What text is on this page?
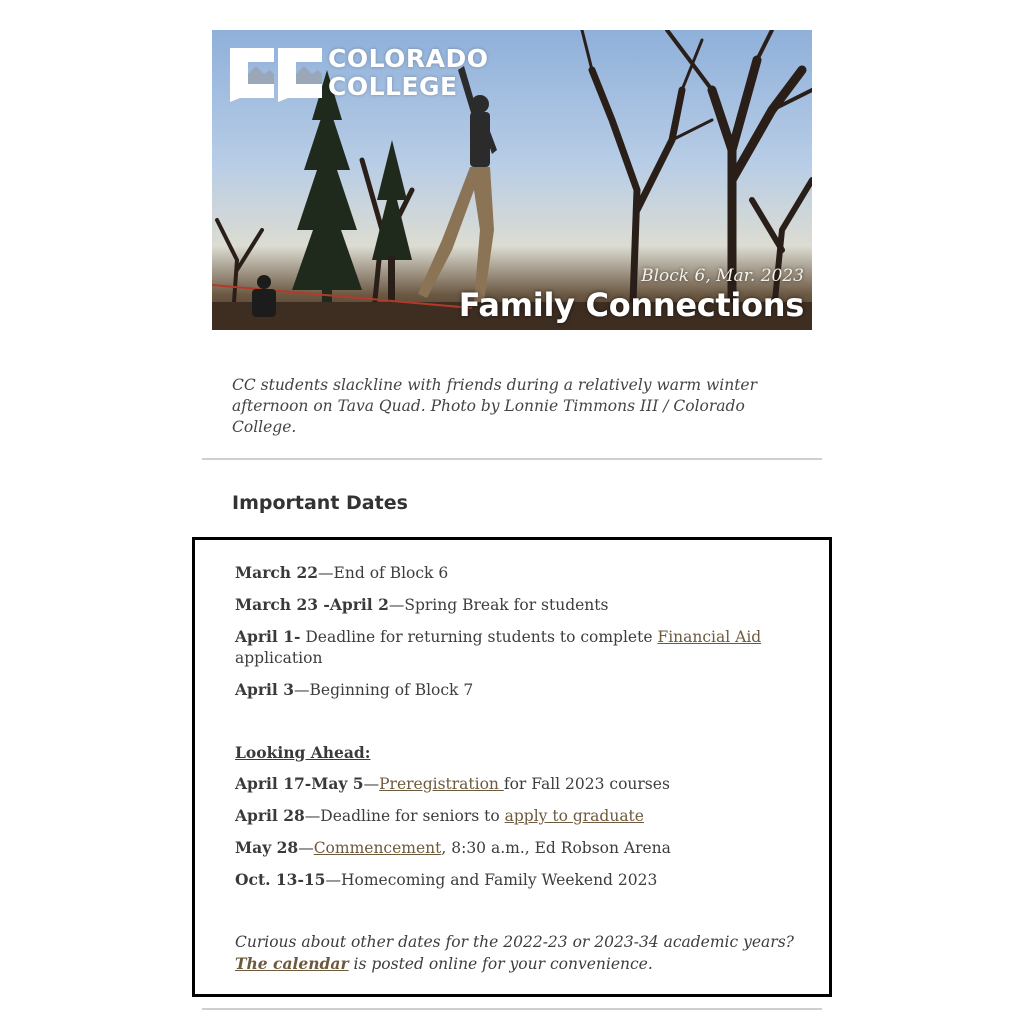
COLORADO
COLLEGE
Block 6, Mar. 2023
Family Connections
CC students slackline with friends during a relatively warm winter afternoon on Tava Quad. Photo by Lonnie Timmons III / Colorado College.
Important Dates
March 22—End of Block 6
March 23 -April 2—Spring Break for students
April 1- Deadline for returning students to complete Financial Aid application
April 3—Beginning of Block 7
Looking Ahead:
April 17-May 5—Preregistration for Fall 2023 courses
April 28—Deadline for seniors to apply to graduate
May 28—Commencement, 8:30 a.m., Ed Robson Arena
Oct. 13-15—Homecoming and Family Weekend 2023
Curious about other dates for the 2022-23 or 2023-34 academic years?
The calendar is posted online for your convenience.
